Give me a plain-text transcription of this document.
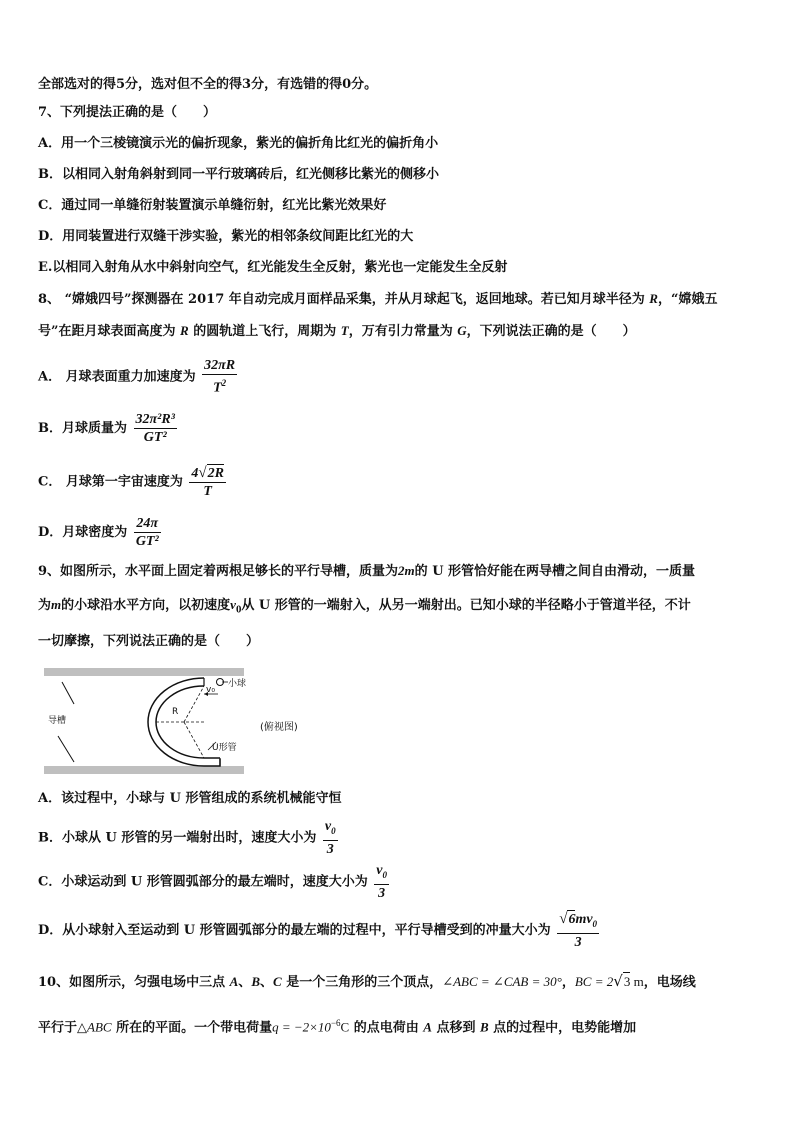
全部选对的得5分，选对但不全的得3分，有选错的得0分。
7、下列提法正确的是（　　）
A．用一个三棱镜演示光的偏折现象，紫光的偏折角比红光的偏折角小
B．以相同入射角斜射到同一平行玻璃砖后，红光侧移比紫光的侧移小
C．通过同一单缝衍射装置演示单缝衍射，红光比紫光效果好
D．用同装置进行双缝干涉实验，紫光的相邻条纹间距比红光的大
E.以相同入射角从水中斜射向空气，红光能发生全反射，紫光也一定能发生全反射
8、 “嫦娥四号”探测器在 2017 年自动完成月面样品采集，并从月球起飞，返回地球。若已知月球半径为 R，“嫦娥五
号”在距月球表面高度为 R 的圆轨道上飞行，周期为 T，万有引力常量为 G，下列说法正确的是（　　）
A． 月球表面重力加速度为 $\frac{32\pi R}{T^2}$
B．月球质量为 $\frac{\text{32π²R³}}{\text{GT²}}$
C． 月球第一宇宙速度为 $\frac{4√2R}{T}$
D．月球密度为 $\frac{24\pi}{\text{GT²}}$
9、如图所示，水平面上固定着两根足够长的平行导槽，质量为2m的 U 形管恰好能在两导槽之间自由滑动，一质量
为m的小球沿水平方向，以初速度$v_0$从 U 形管的一端射入，从另一端射出。已知小球的半径略小于管道半径，不计
一切摩擦，下列说法正确的是（　　）
导槽
小球
v₀
R
U形管
(俯视图)
A．该过程中，小球与 U 形管组成的系统机械能守恒
B．小球从 U 形管的另一端射出时，速度大小为 $\frac{v_0}{3}$
C．小球运动到 U 形管圆弧部分的最左端时，速度大小为 $\frac{v_0}{3}$
D．从小球射入至运动到 U 形管圆弧部分的最左端的过程中，平行导槽受到的冲量大小为 $\frac{√6mv_0}{3}$
10、如图所示，匀强电场中三点 A、B、C 是一个三角形的三个顶点，∠ABC = ∠CAB = 30°，BC = 2√3 m，电场线
平行于△ABC 所在的平面。一个带电荷量$q = -2\times 10^{-6}C$ 的点电荷由 A 点移到 B 点的过程中，电势能增加
